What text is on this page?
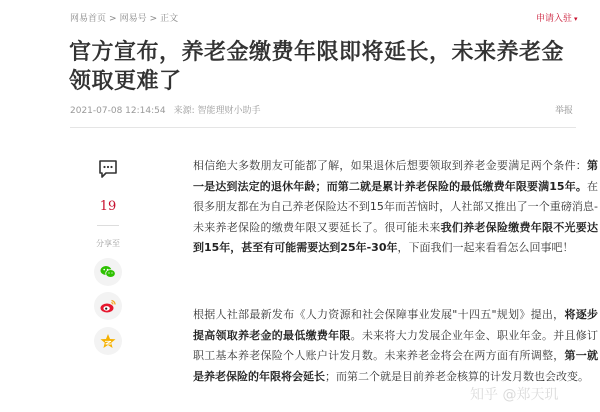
网易首页 > 网易号 > 正文	申请入驻 ▾
官方宣布，养老金缴费年限即将延长，未来养老金领取更难了
2021-07-08 12:14:54 来源: 智能理财小助手	举报
19
分享至
相信绝大多数朋友可能都了解，如果退休后想要领取到养老金要满足两个条件：第一是达到法定的退休年龄；而第二就是累计养老保险的最低缴费年限要满15年。在很多朋友都在为自己养老保险达不到15年而苦恼时，人社部又推出了一个重磅消息-未来养老保险的缴费年限又要延长了。很可能未来我们养老保险缴费年限不光要达到15年，甚至有可能需要达到25年-30年，下面我们一起来看看怎么回事吧！
根据人社部最新发布《人力资源和社会保障事业发展"十四五"规划》提出，将逐步提高领取养老金的最低缴费年限。未来将大力发展企业年金、职业年金。并且修订职工基本养老保险个人账户计发月数。未来养老金将会在两方面有所调整，第一就是养老保险的年限将会延长；而第二个就是目前养老金核算的计发月数也会改变。
知乎 @郑天玑
